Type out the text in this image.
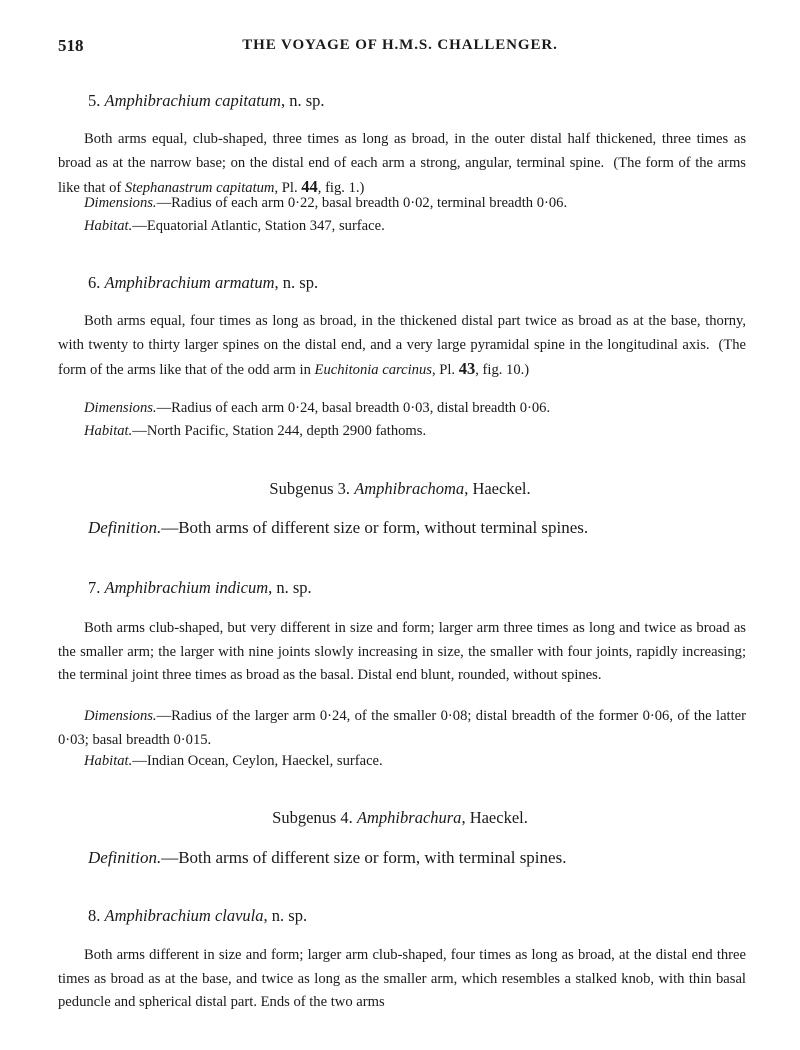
518	THE VOYAGE OF H.M.S. CHALLENGER.
5. Amphibrachium capitatum, n. sp.
Both arms equal, club-shaped, three times as long as broad, in the outer distal half thickened, three times as broad as at the narrow base; on the distal end of each arm a strong, angular, terminal spine. (The form of the arms like that of Stephanastrum capitatum, Pl. 44, fig. 1.)
Dimensions.—Radius of each arm 0·22, basal breadth 0·02, terminal breadth 0·06.
Habitat.—Equatorial Atlantic, Station 347, surface.
6. Amphibrachium armatum, n. sp.
Both arms equal, four times as long as broad, in the thickened distal part twice as broad as at the base, thorny, with twenty to thirty larger spines on the distal end, and a very large pyramidal spine in the longitudinal axis. (The form of the arms like that of the odd arm in Euchitonia carcinus, Pl. 43, fig. 10.)
Dimensions.—Radius of each arm 0·24, basal breadth 0·03, distal breadth 0·06.
Habitat.—North Pacific, Station 244, depth 2900 fathoms.
Subgenus 3. Amphibrachoma, Haeckel.
Definition.—Both arms of different size or form, without terminal spines.
7. Amphibrachium indicum, n. sp.
Both arms club-shaped, but very different in size and form; larger arm three times as long and twice as broad as the smaller arm; the larger with nine joints slowly increasing in size, the smaller with four joints, rapidly increasing; the terminal joint three times as broad as the basal. Distal end blunt, rounded, without spines.
Dimensions.—Radius of the larger arm 0·24, of the smaller 0·08; distal breadth of the former 0·06, of the latter 0·03; basal breadth 0·015.
Habitat.—Indian Ocean, Ceylon, Haeckel, surface.
Subgenus 4. Amphibrachura, Haeckel.
Definition.—Both arms of different size or form, with terminal spines.
8. Amphibrachium clavula, n. sp.
Both arms different in size and form; larger arm club-shaped, four times as long as broad, at the distal end three times as broad as at the base, and twice as long as the smaller arm, which resembles a stalked knob, with thin basal peduncle and spherical distal part. Ends of the two arms
